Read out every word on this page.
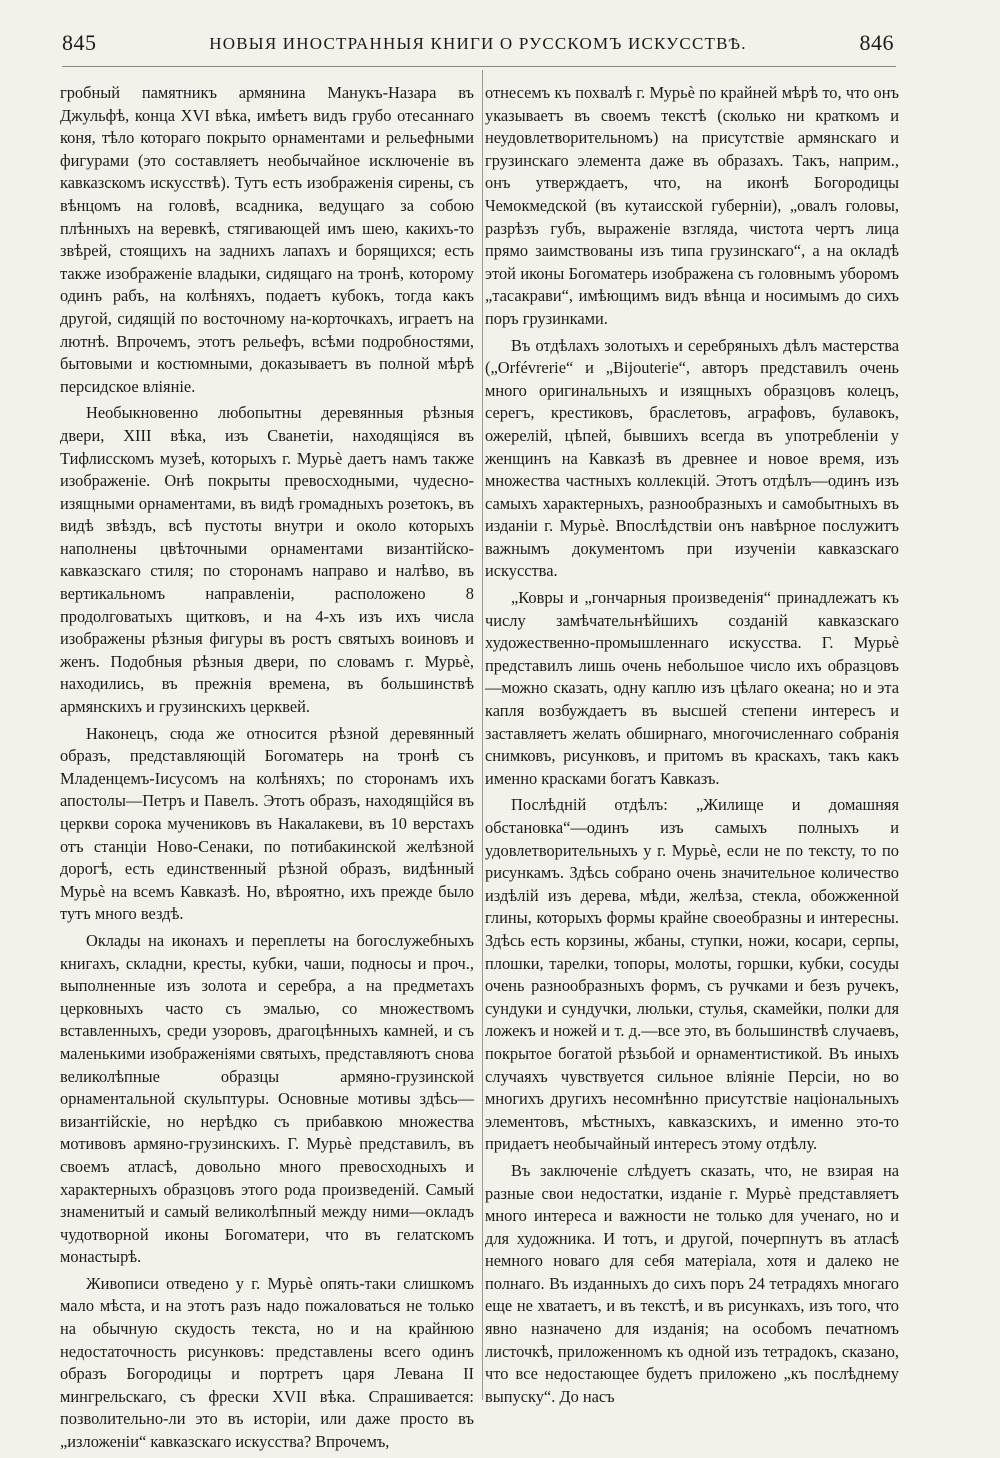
845	НОВЫЯ ИНОСТРАННЫЯ КНИГИ О РУССКОМЪ ИСКУССТВѢ.	846

гробный памятникъ армянина Манукъ-Назара въ Джульфѣ, конца XVI вѣка, имѣетъ видъ грубо отесаннаго коня, тѣло котораго покрыто орнаментами и рельефными фигурами (это составляетъ необычайное исключеніе въ кавказскомъ искусствѣ). Тутъ есть изображенія сирены, съ вѣнцомъ на головѣ, всадника, ведущаго за собою плѣнныхъ на веревкѣ, стягивающей имъ шею, какихъ-то звѣрей, стоящихъ на заднихъ лапахъ и борящихся; есть также изображеніе владыки, сидящаго на тронѣ, которому одинъ рабъ, на колѣняхъ, подаетъ кубокъ, тогда какъ другой, сидящій по восточному на-корточкахъ, играетъ на лютнѣ. Впрочемъ, этотъ рельефъ, всѣми подробностями, бытовыми и костюмными, доказываетъ въ полной мѣрѣ персидское вліяніе.

Необыкновенно любопытны деревянныя рѣзныя двери, XIII вѣка, изъ Сванетіи, находящіяся въ Тифлисскомъ музеѣ, которыхъ г. Мурьѐ даетъ намъ также изображеніе. Онѣ покрыты превосходными, чудесно-изящными орнаментами, въ видѣ громадныхъ розетокъ, въ видѣ звѣздъ, всѣ пустоты внутри и около которыхъ наполнены цвѣточными орнаментами византійско-кавказскаго стиля; по сторонамъ направо и налѣво, въ вертикальномъ направленіи, расположено 8 продолговатыхъ щитковъ, и на 4-хъ изъ ихъ числа изображены рѣзныя фигуры въ ростъ святыхъ воиновъ и женъ. Подобныя рѣзныя двери, по словамъ г. Мурьѐ, находились, въ прежнія времена, въ большинствѣ армянскихъ и грузинскихъ церквей.

Наконецъ, сюда же относится рѣзной деревянный образъ, представляющій Богоматерь на тронѣ съ Младенцемъ-Іисусомъ на колѣняхъ; по сторонамъ ихъ апостолы—Петръ и Павелъ. Этотъ образъ, находящійся въ церкви сорока мучениковъ въ Накалакеви, въ 10 верстахъ отъ станціи Ново-Сенаки, по потибакинской желѣзной дорогѣ, есть единственный рѣзной образъ, видѣнный Мурьѐ на всемъ Кавказѣ. Но, вѣроятно, ихъ прежде было тутъ много вездѣ.

Оклады на иконахъ и переплеты на богослужебныхъ книгахъ, складни, кресты, кубки, чаши, подносы и проч., выполненные изъ золота и серебра, а на предметахъ церковныхъ часто съ эмалью, со множествомъ вставленныхъ, среди узоровъ, драгоцѣнныхъ камней, и съ маленькими изображеніями святыхъ, представляютъ снова великолѣпные образцы армяно-грузинской орнаментальной скульптуры. Основные мотивы здѣсь—византійскіе, но нерѣдко съ прибавкою множества мотивовъ армяно-грузинскихъ. Г. Мурьѐ представилъ, въ своемъ атласѣ, довольно много превосходныхъ и характерныхъ образцовъ этого рода произведеній. Самый знаменитый и самый великолѣпный между ними—окладъ чудотворной иконы Богоматери, что въ гелатскомъ монастырѣ.

Живописи отведено у г. Мурьѐ опять-таки слишкомъ мало мѣста, и на этотъ разъ надо пожаловаться не только на обычную скудость текста, но и на крайнюю недостаточность рисунковъ: представлены всего одинъ образъ Богородицы и портретъ царя Левана II мингрельскаго, съ фрески XVII вѣка. Спрашивается: позволительно-ли это въ исторіи, или даже просто въ „изложеніи“ кавказскаго искусства? Впрочемъ,

отнесемъ къ похвалѣ г. Мурьѐ по крайней мѣрѣ то, что онъ указываетъ въ своемъ текстѣ (сколько ни краткомъ и неудовлетворительномъ) на присутствіе армянскаго и грузинскаго элемента даже въ образахъ. Такъ, наприм., онъ утверждаетъ, что, на иконѣ Богородицы Чемокмедской (въ кутаисской губерніи), „овалъ головы, разрѣзъ губъ, выраженіе взгляда, чистота чертъ лица прямо заимствованы изъ типа грузинскаго“, а на окладѣ этой иконы Богоматерь изображена съ головнымъ уборомъ „тасакрави“, имѣющимъ видъ вѣнца и носимымъ до сихъ поръ грузинками.

Въ отдѣлахъ золотыхъ и серебряныхъ дѣлъ мастерства („Orfévrerie“ и „Bijouterie“, авторъ представилъ очень много оригинальныхъ и изящныхъ образцовъ колецъ, серегъ, крестиковъ, браслетовъ, аграфовъ, булавокъ, ожерелій, цѣпей, бывшихъ всегда въ употребленіи у женщинъ на Кавказѣ въ древнее и новое время, изъ множества частныхъ коллекцій. Этотъ отдѣлъ—одинъ изъ самыхъ характерныхъ, разнообразныхъ и самобытныхъ въ изданіи г. Мурьѐ. Впослѣдствіи онъ навѣрное послужитъ важнымъ документомъ при изученіи кавказскаго искусства.

„Ковры и „гончарныя произведенія“ принадлежатъ къ числу замѣчательнѣйшихъ созданій кавказскаго художественно-промышленнаго искусства. Г. Мурьѐ представилъ лишь очень небольшое число ихъ образцовъ—можно сказать, одну каплю изъ цѣлаго океана; но и эта капля возбуждаетъ въ высшей степени интересъ и заставляетъ желать обширнаго, многочисленнаго собранія снимковъ, рисунковъ, и притомъ въ краскахъ, такъ какъ именно красками богатъ Кавказъ.

Послѣдній отдѣлъ: „Жилище и домашняя обстановка“—одинъ изъ самыхъ полныхъ и удовлетворительныхъ у г. Мурьѐ, если не по тексту, то по рисункамъ. Здѣсь собрано очень значительное количество издѣлій изъ дерева, мѣди, желѣза, стекла, обожженной глины, которыхъ формы крайне своеобразны и интересны. Здѣсь есть корзины, жбаны, ступки, ножи, косари, серпы, плошки, тарелки, топоры, молоты, горшки, кубки, сосуды очень разнообразныхъ формъ, съ ручками и безъ ручекъ, сундуки и сундучки, люльки, стулья, скамейки, полки для ложекъ и ножей и т. д.—все это, въ большинствѣ случаевъ, покрытое богатой рѣзьбой и орнаментистикой. Въ иныхъ случаяхъ чувствуется сильное вліяніе Персіи, но во многихъ другихъ несомнѣнно присутствіе національныхъ элементовъ, мѣстныхъ, кавказскихъ, и именно это-то придаетъ необычайный интересъ этому отдѣлу.

Въ заключеніе слѣдуетъ сказать, что, не взирая на разные свои недостатки, изданіе г. Мурьѐ представляетъ много интереса и важности не только для ученаго, но и для художника. И тотъ, и другой, почерпнутъ въ атласѣ немного новаго для себя матеріала, хотя и далеко не полнаго. Въ изданныхъ до сихъ поръ 24 тетрадяхъ многаго еще не хватаетъ, и въ текстѣ, и въ рисункахъ, изъ того, что явно назначено для изданія; на особомъ печатномъ листочкѣ, приложенномъ къ одной изъ тетрадокъ, сказано, что все недостающее будетъ приложено „къ послѣднему выпуску“. До насъ
